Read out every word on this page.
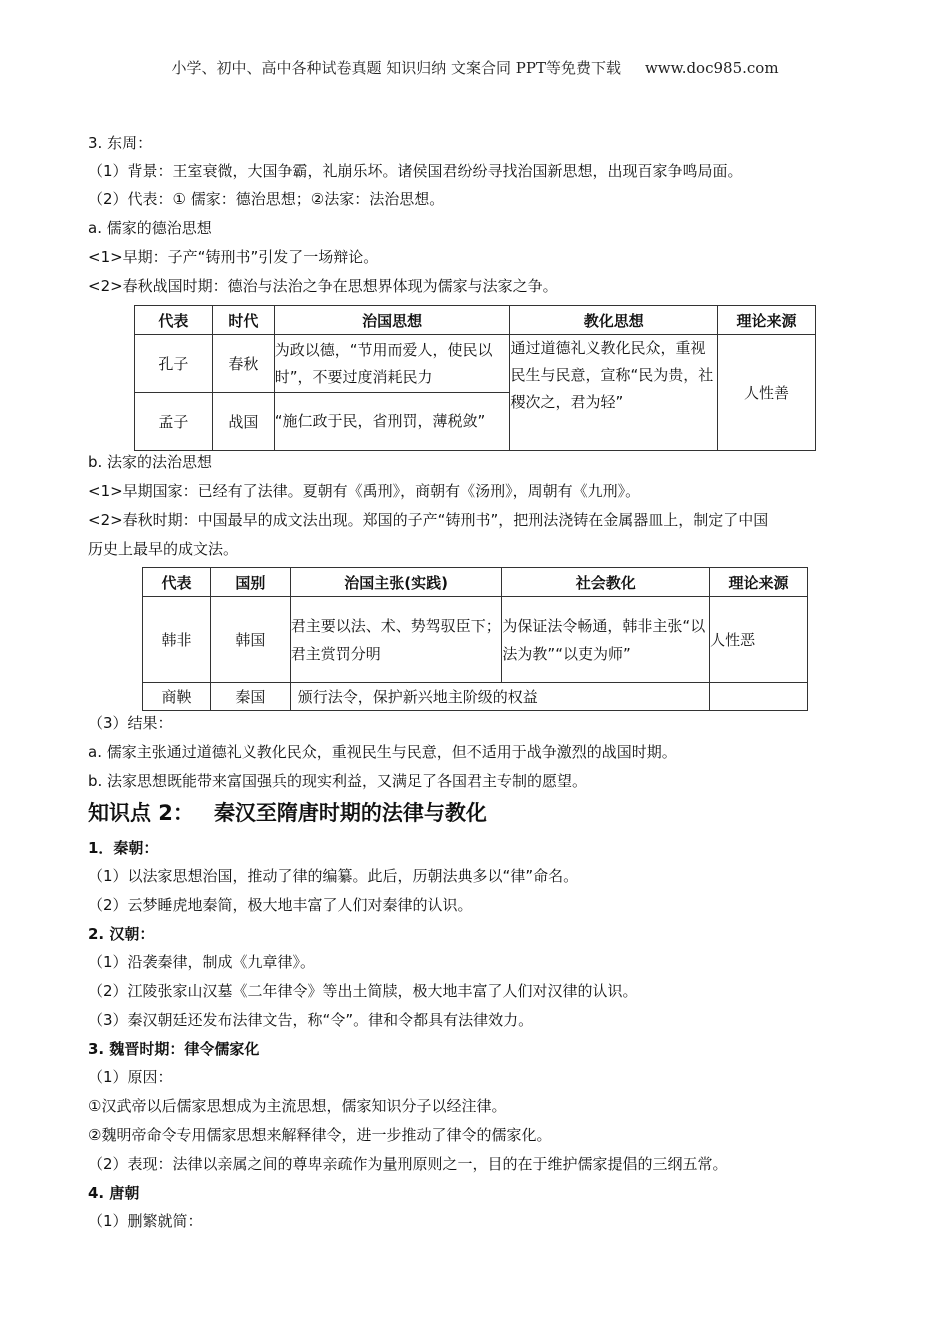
小学、初中、高中各种试卷真题 知识归纳 文案合同 PPT等免费下载 www.doc985.com
3. 东周：
（1）背景：王室衰微，大国争霸，礼崩乐坏。诸侯国君纷纷寻找治国新思想，出现百家争鸣局面。
（2）代表：① 儒家：德治思想；②法家：法治思想。
a. 儒家的德治思想
<1>早期：子产“铸刑书”引发了一场辩论。
<2>春秋战国时期：德治与法治之争在思想界体现为儒家与法家之争。
代表	时代	治国思想	教化思想	理论来源
孔子	春秋	为政以德，“节用而爱人，使民以时”，不要过度消耗民力	通过道德礼义教化民众，重视民生与民意，宣称“民为贵，社稷次之，君为轻”	人性善
孟子	战国	“施仁政于民，省刑罚，薄税敛”		
b. 法家的法治思想
<1>早期国家：已经有了法律。夏朝有《禹刑》，商朝有《汤刑》，周朝有《九刑》。
<2>春秋时期：中国最早的成文法出现。郑国的子产“铸刑书”，把刑法浇铸在金属器皿上，制定了中国
历史上最早的成文法。
代表	国别	治国主张(实践)	社会教化	理论来源
韩非	韩国	君主要以法、术、势驾驭臣下；君主赏罚分明	为保证法令畅通，韩非主张“以法为教”“以吏为师”	人性恶
商鞅	秦国	颁行法令，保护新兴地主阶级的权益		
（3）结果：
a. 儒家主张通过道德礼义教化民众，重视民生与民意，但不适用于战争激烈的战国时期。
b. 法家思想既能带来富国强兵的现实利益，又满足了各国君主专制的愿望。
知识点 2： 秦汉至隋唐时期的法律与教化
1．秦朝：
（1）以法家思想治国，推动了律的编纂。此后，历朝法典多以“律”命名。
（2）云梦睡虎地秦简，极大地丰富了人们对秦律的认识。
2. 汉朝：
（1）沿袭秦律，制成《九章律》。
（2）江陵张家山汉墓《二年律令》等出土简牍，极大地丰富了人们对汉律的认识。
（3）秦汉朝廷还发布法律文告，称“令”。律和令都具有法律效力。
3. 魏晋时期：律令儒家化
（1）原因：
①汉武帝以后儒家思想成为主流思想，儒家知识分子以经注律。
②魏明帝命令专用儒家思想来解释律令，进一步推动了律令的儒家化。
（2）表现：法律以亲属之间的尊卑亲疏作为量刑原则之一，目的在于维护儒家提倡的三纲五常。
4. 唐朝
（1）删繁就简：
